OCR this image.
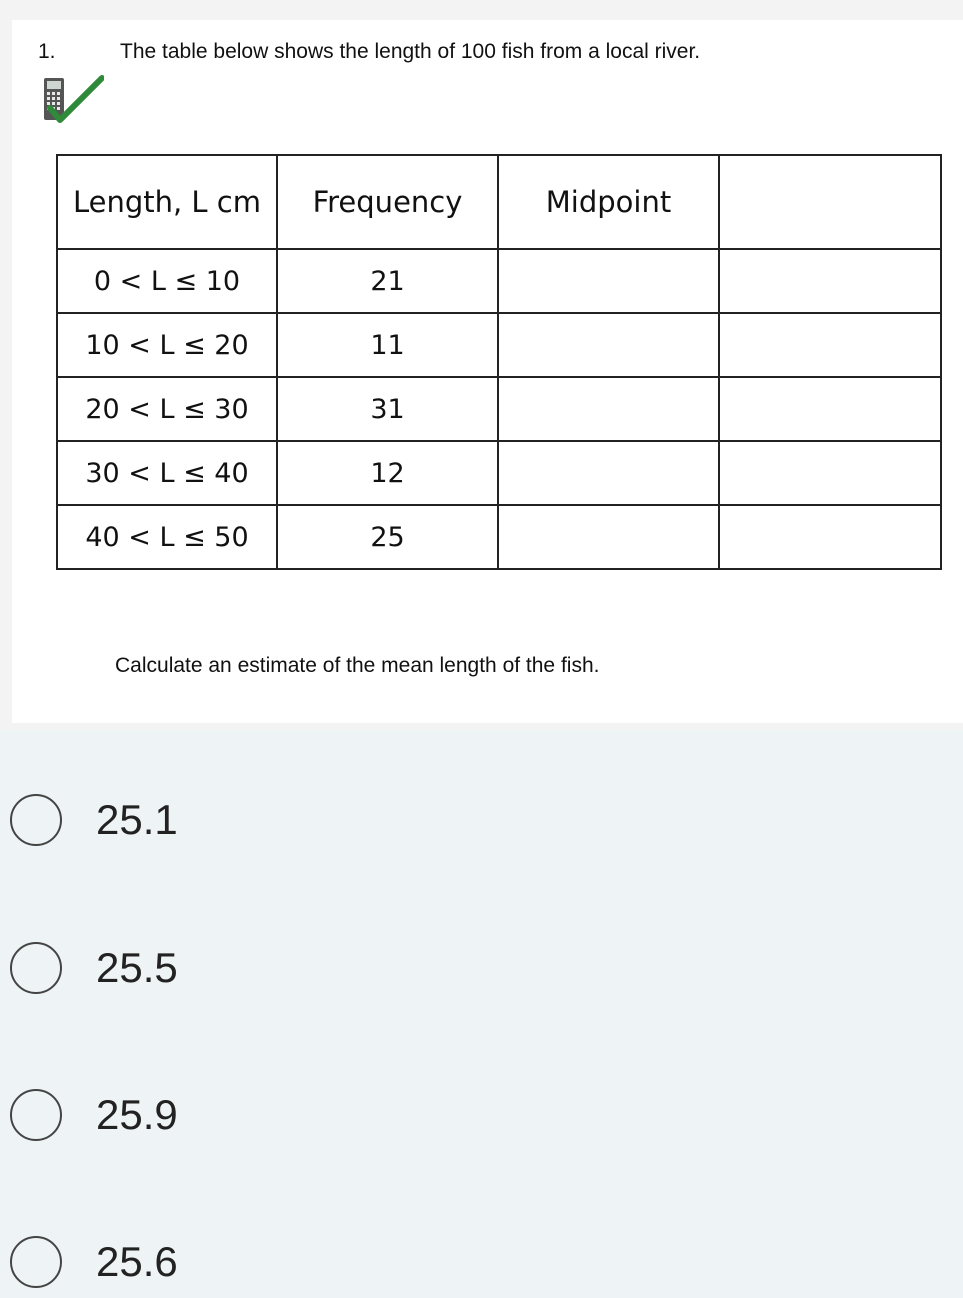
1.	The table below shows the length of 100 fish from a local river.
Length, L cm	Frequency	Midpoint	
0 < L ≤ 10	21		
10 < L ≤ 20	11		
20 < L ≤ 30	31		
30 < L ≤ 40	12		
40 < L ≤ 50	25		
Calculate an estimate of the mean length of the fish.
25.1
25.5
25.9
25.6
